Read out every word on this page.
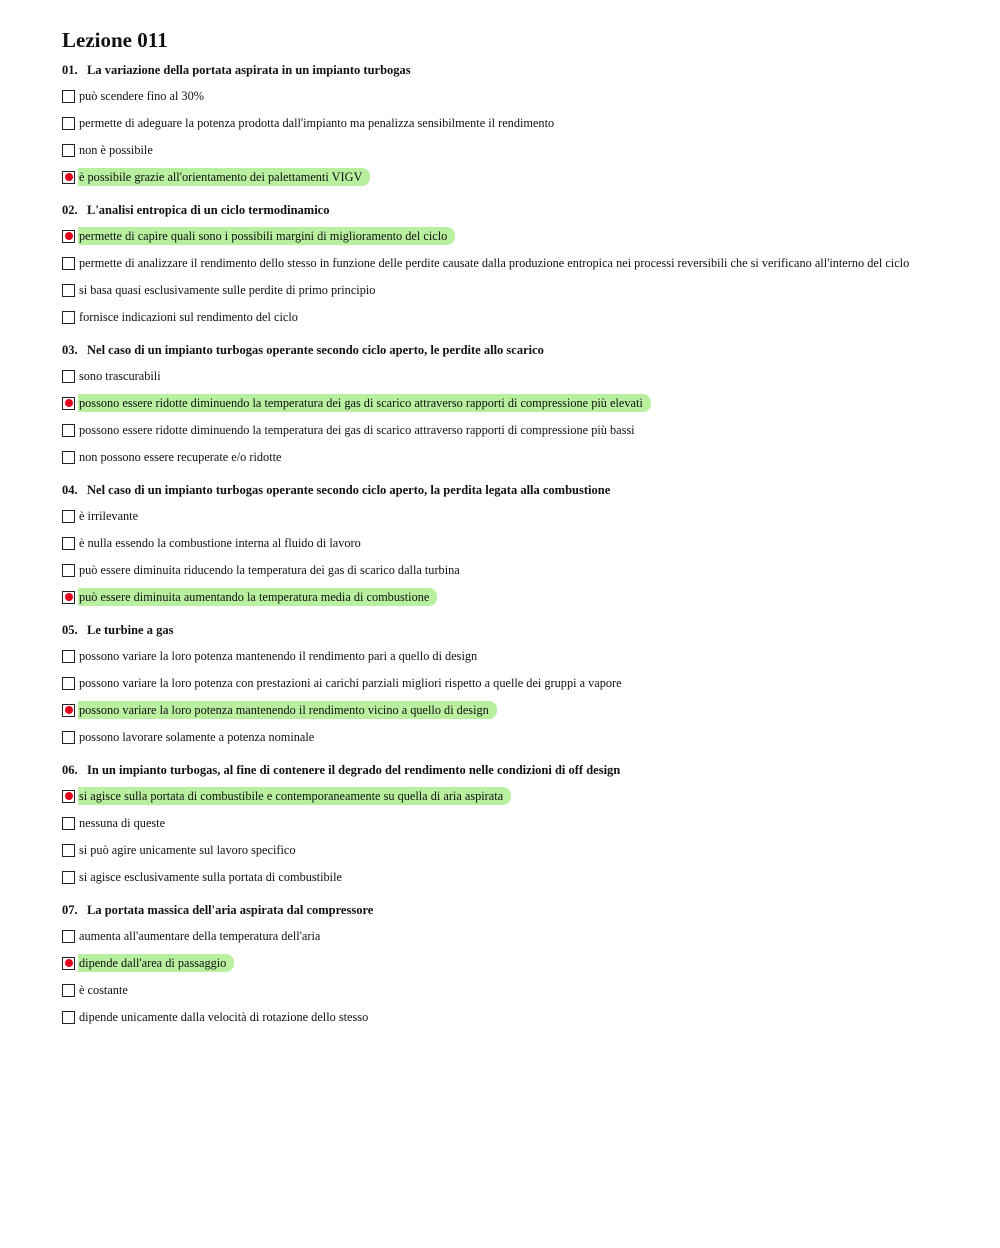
Lezione 011
01. La variazione della portata aspirata in un impianto turbogas
può scendere fino al 30%
permette di adeguare la potenza prodotta dall'impianto ma penalizza sensibilmente il rendimento
non è possibile
è possibile grazie all'orientamento dei palettamenti VIGV
02. L'analisi entropica di un ciclo termodinamico
permette di capire quali sono i possibili margini di miglioramento del ciclo
permette di analizzare il rendimento dello stesso in funzione delle perdite causate dalla produzione entropica nei processi reversibili che si verificano all'interno del ciclo
si basa quasi esclusivamente sulle perdite di primo principio
fornisce indicazioni sul rendimento del ciclo
03. Nel caso di un impianto turbogas operante secondo ciclo aperto, le perdite allo scarico
sono trascurabili
possono essere ridotte diminuendo la temperatura dei gas di scarico attraverso rapporti di compressione più elevati
possono essere ridotte diminuendo la temperatura dei gas di scarico attraverso rapporti di compressione più bassi
non possono essere recuperate e/o ridotte
04. Nel caso di un impianto turbogas operante secondo ciclo aperto, la perdita legata alla combustione
è irrilevante
è nulla essendo la combustione interna al fluido di lavoro
può essere diminuita riducendo la temperatura dei gas di scarico dalla turbina
può essere diminuita aumentando la temperatura media di combustione
05. Le turbine a gas
possono variare la loro potenza mantenendo il rendimento pari a quello di design
possono variare la loro potenza con prestazioni ai carichi parziali migliori rispetto a quelle dei gruppi a vapore
possono variare la loro potenza mantenendo il rendimento vicino a quello di design
possono lavorare solamente a potenza nominale
06. In un impianto turbogas, al fine di contenere il degrado del rendimento nelle condizioni di off design
si agisce sulla portata di combustibile e contemporaneamente su quella di aria aspirata
nessuna di queste
si può agire unicamente sul lavoro specifico
si agisce esclusivamente sulla portata di combustibile
07. La portata massica dell'aria aspirata dal compressore
aumenta all'aumentare della temperatura dell'aria
dipende dall'area di passaggio
è costante
dipende unicamente dalla velocità di rotazione dello stesso
